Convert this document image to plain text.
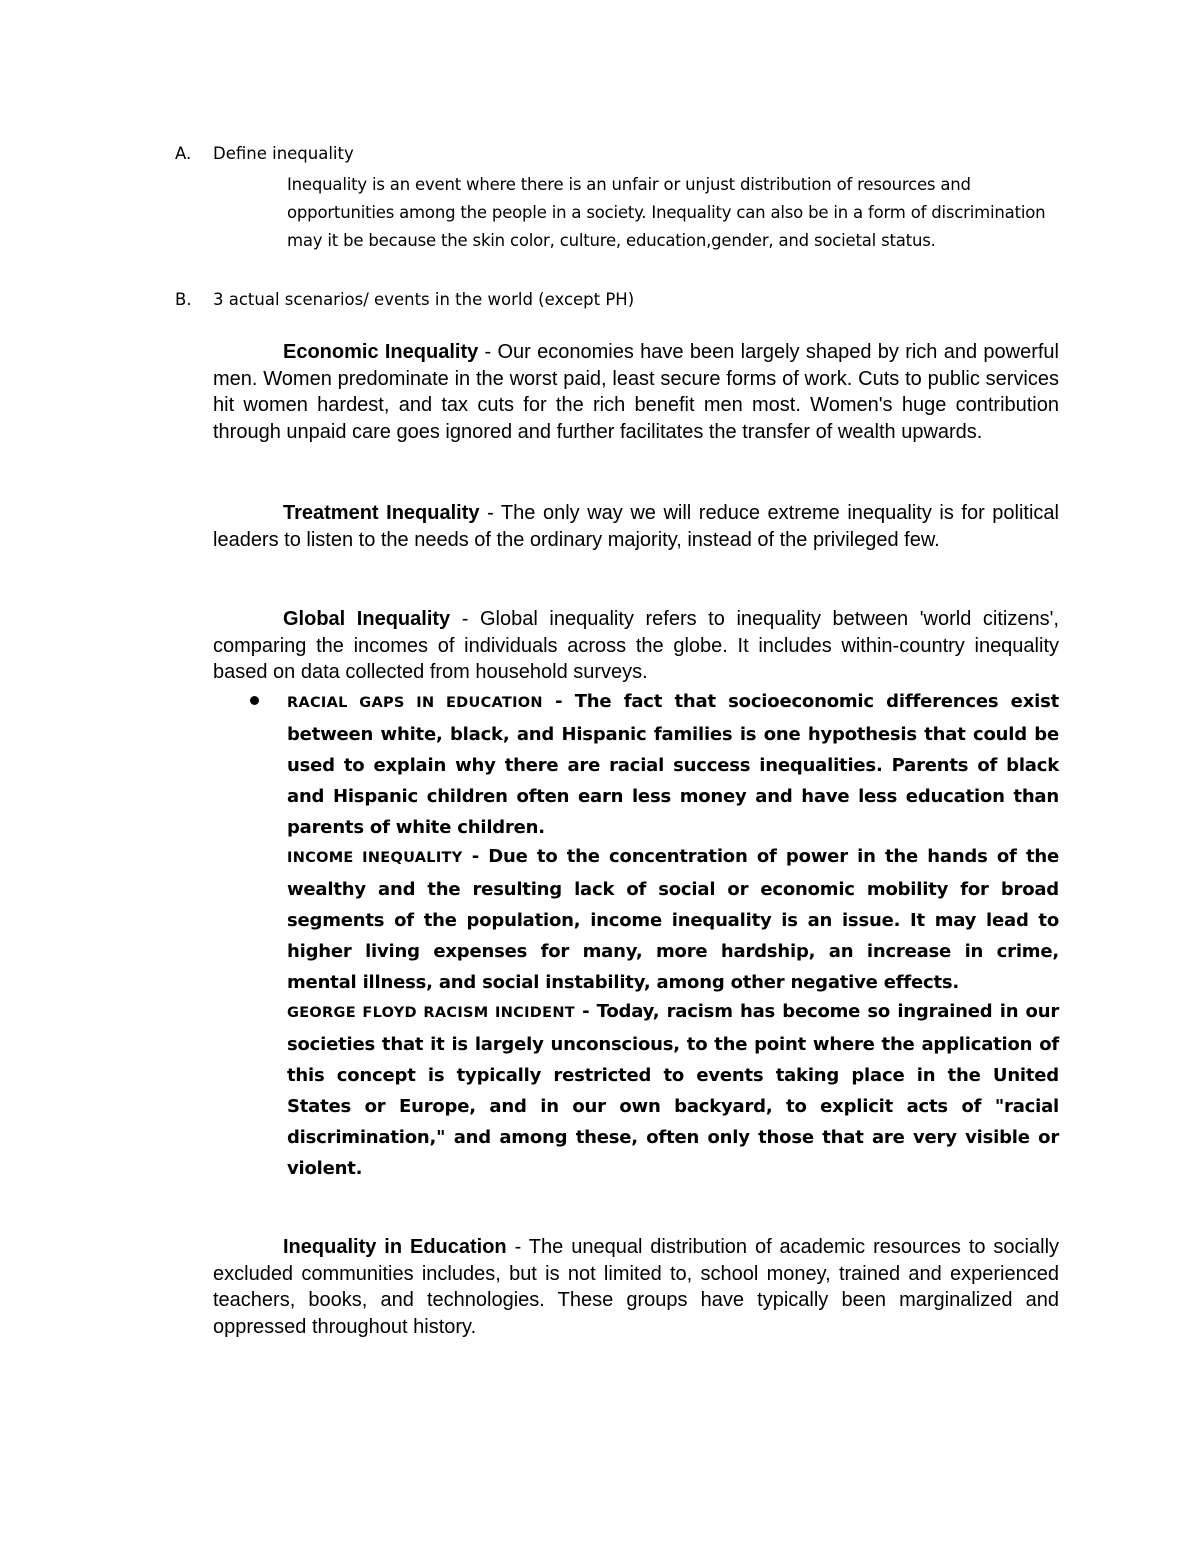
A. Define inequality
Inequality is an event where there is an unfair or unjust distribution of resources and opportunities among the people in a society. Inequality can also be in a form of discrimination may it be because the skin color, culture, education,gender, and societal status.
B. 3 actual scenarios/ events in the world (except PH)

Economic Inequality - Our economies have been largely shaped by rich and powerful men. Women predominate in the worst paid, least secure forms of work. Cuts to public services hit women hardest, and tax cuts for the rich benefit men most. Women's huge contribution through unpaid care goes ignored and further facilitates the transfer of wealth upwards.

Treatment Inequality - The only way we will reduce extreme inequality is for political leaders to listen to the needs of the ordinary majority, instead of the privileged few.

Global Inequality - Global inequality refers to inequality between 'world citizens', comparing the incomes of individuals across the globe. It includes within-country inequality based on data collected from household surveys.

RACIAL GAPS IN EDUCATION - The fact that socioeconomic differences exist between white, black, and Hispanic families is one hypothesis that could be used to explain why there are racial success inequalities. Parents of black and Hispanic children often earn less money and have less education than parents of white children.

INCOME INEQUALITY - Due to the concentration of power in the hands of the wealthy and the resulting lack of social or economic mobility for broad segments of the population, income inequality is an issue. It may lead to higher living expenses for many, more hardship, an increase in crime, mental illness, and social instability, among other negative effects.

GEORGE FLOYD RACISM INCIDENT - Today, racism has become so ingrained in our societies that it is largely unconscious, to the point where the application of this concept is typically restricted to events taking place in the United States or Europe, and in our own backyard, to explicit acts of "racial discrimination," and among these, often only those that are very visible or violent.

Inequality in Education - The unequal distribution of academic resources to socially excluded communities includes, but is not limited to, school money, trained and experienced teachers, books, and technologies. These groups have typically been marginalized and oppressed throughout history.
